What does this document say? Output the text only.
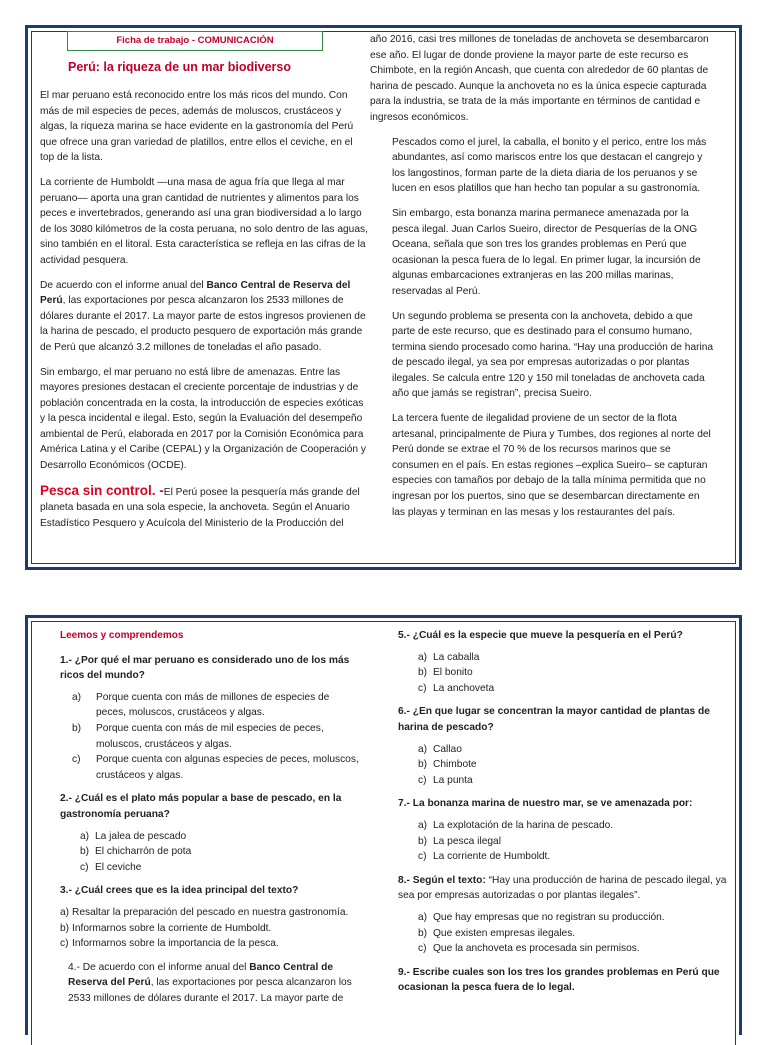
Ficha de trabajo - COMUNICACIÓN
Perú: la riqueza de un mar biodiverso

El mar peruano está reconocido entre los más ricos del mundo. Con más de mil especies de peces, además de moluscos, crustáceos y algas, la riqueza marina se hace evidente en la gastronomía del Perú que ofrece una gran variedad de platillos, entre ellos el ceviche, en el top de la lista.

La corriente de Humboldt —una masa de agua fría que llega al mar peruano— aporta una gran cantidad de nutrientes y alimentos para los peces e invertebrados, generando así una gran biodiversidad a lo largo de los 3080 kilómetros de la costa peruana, no solo dentro de las aguas, sino también en el litoral. Esta característica se refleja en las cifras de la actividad pesquera.

De acuerdo con el informe anual del Banco Central de Reserva del Perú, las exportaciones por pesca alcanzaron los 2533 millones de dólares durante el 2017. La mayor parte de estos ingresos provienen de la harina de pescado, el producto pesquero de exportación más grande de Perú que alcanzó 3.2 millones de toneladas el año pasado.

Sin embargo, el mar peruano no está libre de amenazas. Entre las mayores presiones destacan el creciente porcentaje de industrias y de población concentrada en la costa, la introducción de especies exóticas y la pesca incidental e ilegal. Esto, según la Evaluación del desempeño ambiental de Perú, elaborada en 2017 por la Comisión Económica para América Latina y el Caribe (CEPAL) y la Organización de Cooperación y Desarrollo Económicos (OCDE).

Pesca sin control. -El Perú posee la pesquería más grande del planeta basada en una sola especie, la anchoveta. Según el Anuario Estadístico Pesquero y Acuícola del Ministerio de la Producción del

año 2016, casi tres millones de toneladas de anchoveta se desembarcaron ese año. El lugar de donde proviene la mayor parte de este recurso es Chimbote, en la región Ancash, que cuenta con alrededor de 60 plantas de harina de pescado. Aunque la anchoveta no es la única especie capturada para la industria, se trata de la más importante en términos de cantidad e ingresos económicos.

Pescados como el jurel, la caballa, el bonito y el perico, entre los más abundantes, así como mariscos entre los que destacan el cangrejo y los langostinos, forman parte de la dieta diaria de los peruanos y se lucen en esos platillos que han hecho tan popular a su gastronomía.

Sin embargo, esta bonanza marina permanece amenazada por la pesca ilegal. Juan Carlos Sueiro, director de Pesquerías de la ONG Oceana, señala que son tres los grandes problemas en Perú que ocasionan la pesca fuera de lo legal. En primer lugar, la incursión de algunas embarcaciones extranjeras en las 200 millas marinas, reservadas al Perú.

Un segundo problema se presenta con la anchoveta, debido a que parte de este recurso, que es destinado para el consumo humano, termina siendo procesado como harina. “Hay una producción de harina de pescado ilegal, ya sea por empresas autorizadas o por plantas ilegales. Se calcula entre 120 y 150 mil toneladas de anchoveta cada año que jamás se registran”, precisa Sueiro.

La tercera fuente de ilegalidad proviene de un sector de la flota artesanal, principalmente de Piura y Tumbes, dos regiones al norte del Perú donde se extrae el 70 % de los recursos marinos que se consumen en el país. En estas regiones –explica Sueiro– se capturan especies con tamaños por debajo de la talla mínima permitida que no ingresan por los puertos, sino que se desembarcan directamente en las playas y terminan en las mesas y los restaurantes del país.

Leemos y comprendemos
1.- ¿Por qué el mar peruano es considerado uno de los más ricos del mundo?
a)	Porque cuenta con más de millones de especies de peces, moluscos, crustáceos y algas.
b)	Porque cuenta con más de mil especies de peces, moluscos, crustáceos y algas.
c)	Porque cuenta con algunas especies de peces, moluscos, crustáceos y algas.
2.- ¿Cuál es el plato más popular a base de pescado, en la gastronomía peruana?
a) La jalea de pescado
b) El chicharrón de pota
c) El ceviche
3.- ¿Cuál crees que es la idea principal del texto?
a) Resaltar la preparación del pescado en nuestra gastronomía.
b) Informarnos sobre la corriente de Humboldt.
c) Informarnos sobre la importancia de la pesca.
4.- De acuerdo con el informe anual del Banco Central de Reserva del Perú, las exportaciones por pesca alcanzaron los 2533 millones de dólares durante el 2017. La mayor parte de
5.- ¿Cuál es la especie que mueve la pesquería en el Perú?
a) La caballa
b) El bonito
c) La anchoveta
6.- ¿En que lugar se concentran la mayor cantidad de plantas de harina de pescado?
a) Callao
b) Chimbote
c) La punta
7.- La bonanza marina de nuestro mar, se ve amenazada por:
a) La explotación de la harina de pescado.
b) La pesca ilegal
c) La corriente de Humboldt.
8.- Según el texto: “Hay una producción de harina de pescado ilegal, ya sea por empresas autorizadas o por plantas ilegales”.
a) Que hay empresas que no registran su producción.
b) Que existen empresas ilegales.
c) Que la anchoveta es procesada sin permisos.
9.- Escribe cuales son los tres los grandes problemas en Perú que ocasionan la pesca fuera de lo legal.
